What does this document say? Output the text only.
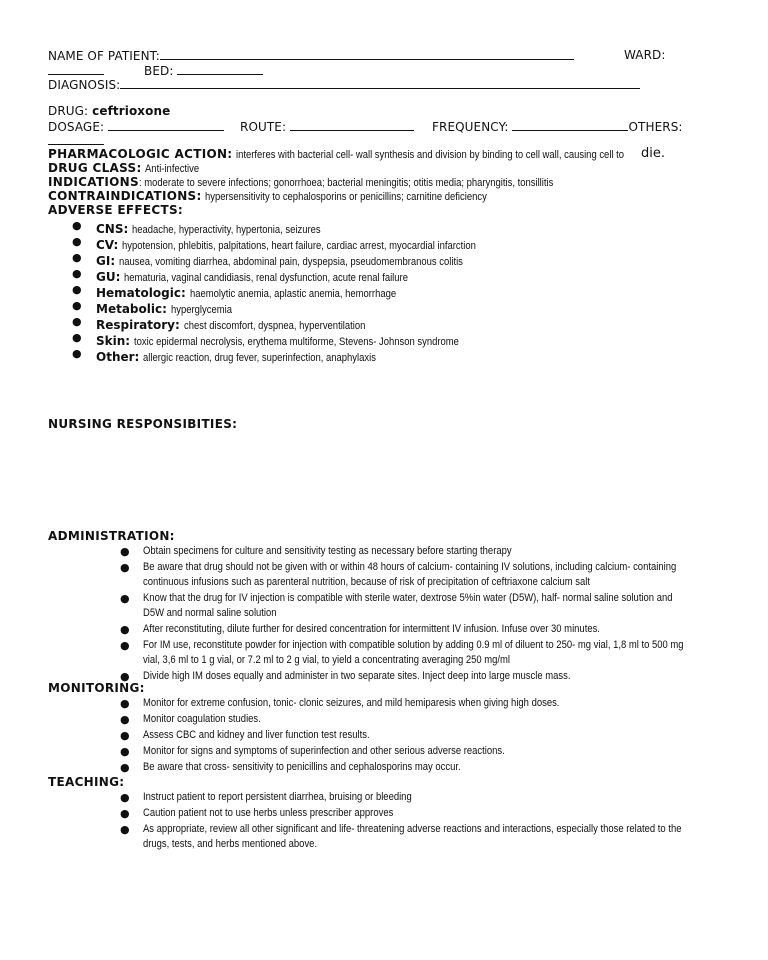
NAME OF PATIENT:	WARD:
BED:
DIAGNOSIS:
DRUG: ceftrioxone
DOSAGE:	ROUTE:	FREQUENCY:	OTHERS:
PHARMACOLOGIC ACTION: interferes with bacterial cell- wall synthesis and division by binding to cell wall, causing cell to	die.
DRUG CLASS: Anti-infective
INDICATIONS: moderate to severe infections; gonorrhoea; bacterial meningitis; otitis media; pharyngitis, tonsillitis
CONTRAINDICATIONS: hypersensitivity to cephalosporins or penicillins; carnitine deficiency
ADVERSE EFFECTS:
● CNS: headache, hyperactivity, hypertonia, seizures
● CV: hypotension, phlebitis, palpitations, heart failure, cardiac arrest, myocardial infarction
● GI: nausea, vomiting diarrhea, abdominal pain, dyspepsia, pseudomembranous colitis
● GU: hematuria, vaginal candidiasis, renal dysfunction, acute renal failure
● Hematologic: haemolytic anemia, aplastic anemia, hemorrhage
● Metabolic: hyperglycemia
● Respiratory: chest discomfort, dyspnea, hyperventilation
● Skin: toxic epidermal necrolysis, erythema multiforme, Stevens- Johnson syndrome
● Other: allergic reaction, drug fever, superinfection, anaphylaxis
NURSING RESPONSIBITIES:
ADMINISTRATION:
● Obtain specimens for culture and sensitivity testing as necessary before starting therapy
● Be aware that drug should not be given with or within 48 hours of calcium- containing IV solutions, including calcium- containing
continuous infusions such as parenteral nutrition, because of risk of precipitation of ceftriaxone calcium salt
● Know that the drug for IV injection is compatible with sterile water, dextrose 5%in water (D5W), half- normal saline solution and
D5W and normal saline solution
● After reconstituting, dilute further for desired concentration for intermittent IV infusion. Infuse over 30 minutes.
● For IM use, reconstitute powder for injection with compatible solution by adding 0.9 ml of diluent to 250- mg vial, 1,8 ml to 500 mg
vial, 3,6 ml to 1 g vial, or 7.2 ml to 2 g vial, to yield a concentrating averaging 250 mg/ml
● Divide high IM doses equally and administer in two separate sites. Inject deep into large muscle mass.
MONITORING:
● Monitor for extreme confusion, tonic- clonic seizures, and mild hemiparesis when giving high doses.
● Monitor coagulation studies.
● Assess CBC and kidney and liver function test results.
● Monitor for signs and symptoms of superinfection and other serious adverse reactions.
● Be aware that cross- sensitivity to penicillins and cephalosporins may occur.
TEACHING:
● Instruct patient to report persistent diarrhea, bruising or bleeding
● Caution patient not to use herbs unless prescriber approves
● As appropriate, review all other significant and life- threatening adverse reactions and interactions, especially those related to the
drugs, tests, and herbs mentioned above.
